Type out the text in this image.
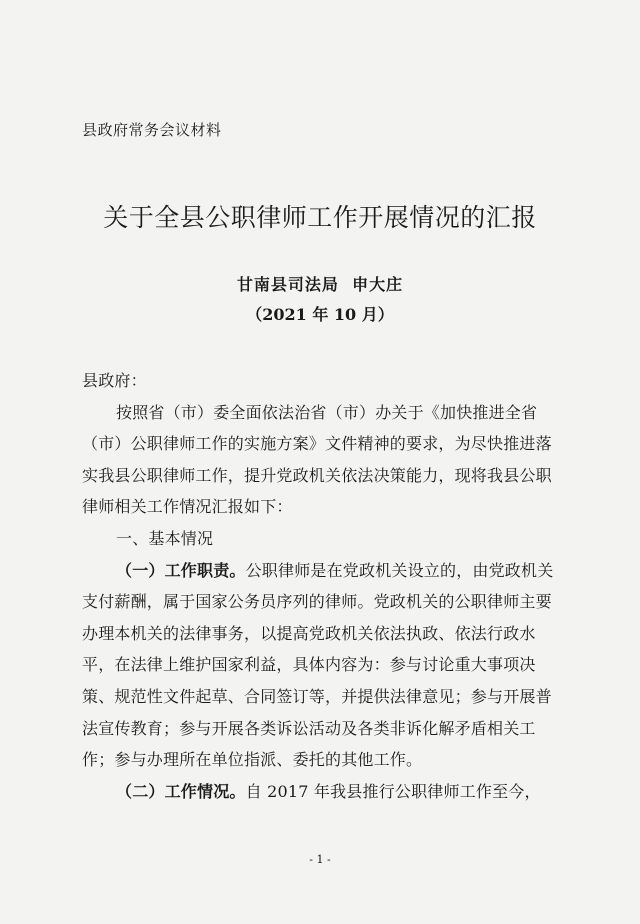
县政府常务会议材料
关于全县公职律师工作开展情况的汇报
甘南县司法局  申大庄
（2021 年 10 月）

县政府：

按照省（市）委全面依法治省（市）办关于《加快推进全省（市）公职律师工作的实施方案》文件精神的要求，为尽快推进落实我县公职律师工作，提升党政机关依法决策能力，现将我县公职律师相关工作情况汇报如下：

一、基本情况

（一）工作职责。公职律师是在党政机关设立的，由党政机关支付薪酬，属于国家公务员序列的律师。党政机关的公职律师主要办理本机关的法律事务，以提高党政机关依法执政、依法行政水平，在法律上维护国家利益，具体内容为：参与讨论重大事项决策、规范性文件起草、合同签订等，并提供法律意见；参与开展普法宣传教育；参与开展各类诉讼活动及各类非诉化解矛盾相关工作；参与办理所在单位指派、委托的其他工作。

（二）工作情况。自 2017 年我县推行公职律师工作至今，

- 1 -
